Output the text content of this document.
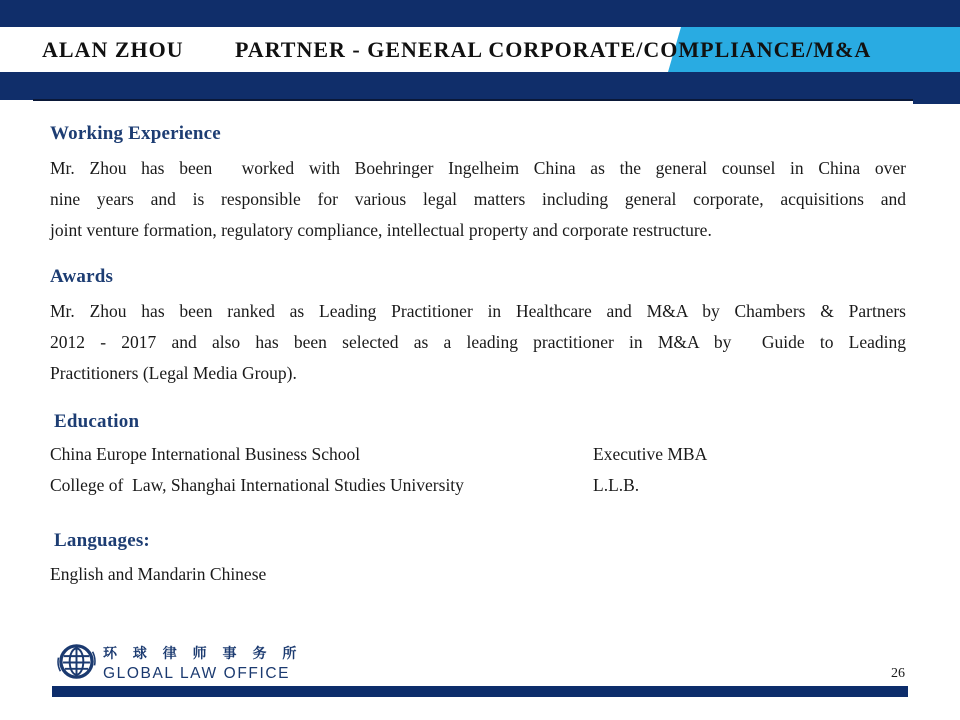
ALAN ZHOU PARTNER - GENERAL CORPORATE/COMPLIANCE/M&A
Working Experience
Mr. Zhou has been  worked with Boehringer Ingelheim China as the general counsel in China over
nine years and is responsible for various legal matters including general corporate, acquisitions and
joint venture formation, regulatory compliance, intellectual property and corporate restructure.
Awards
Mr. Zhou has been ranked as Leading Practitioner in Healthcare and M&A by Chambers & Partners
2012 - 2017 and also has been selected as a leading practitioner in M&A by  Guide to Leading
Practitioners (Legal Media Group).
Education
China Europe International Business School	Executive MBA
College of  Law, Shanghai International Studies University	L.L.B.
Languages:
English and Mandarin Chinese
环 球 律 师 事 务 所
GLOBAL LAW OFFICE	26
